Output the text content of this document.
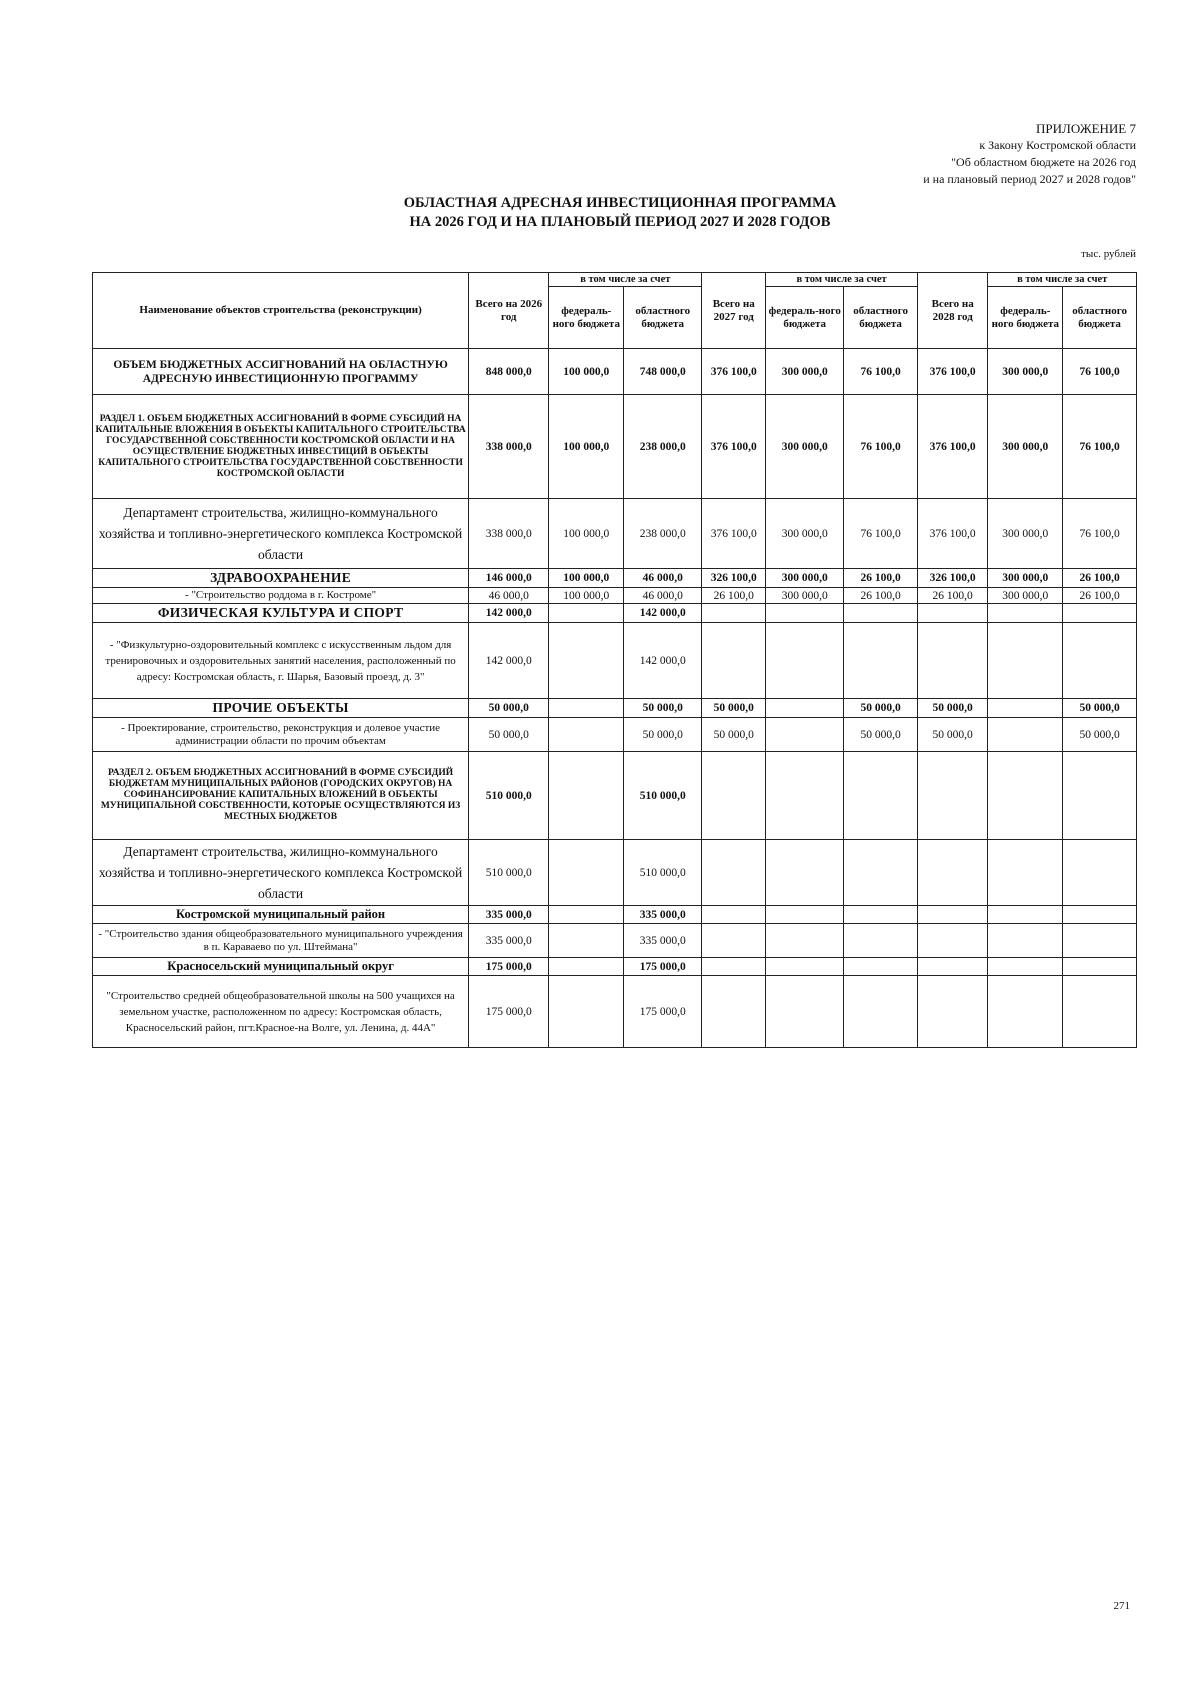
ПРИЛОЖЕНИЕ 7
к Закону Костромской области
"Об областном бюджете на 2026 год
и на плановый период 2027 и 2028 годов"
ОБЛАСТНАЯ АДРЕСНАЯ ИНВЕСТИЦИОННАЯ ПРОГРАММА
НА 2026 ГОД И НА ПЛАНОВЫЙ ПЕРИОД 2027 И 2028 ГОДОВ
тыс. рублей
Наименование объектов строительства (реконструкции)	Всего на 2026 год	в том числе за счет		Всего на 2027 год	в том числе за счет		Всего на 2028 год	в том числе за счет	
		федераль-ного бюджета	областного бюджета		федераль-ного бюджета	областного бюджета		федераль-ного бюджета	областного бюджета
ОБЪЕМ БЮДЖЕТНЫХ АССИГНОВАНИЙ НА ОБЛАСТНУЮ АДРЕСНУЮ ИНВЕСТИЦИОННУЮ ПРОГРАММУ	848 000,0	100 000,0	748 000,0	376 100,0	300 000,0	76 100,0	376 100,0	300 000,0	76 100,0
РАЗДЕЛ 1. ОБЪЕМ БЮДЖЕТНЫХ АССИГНОВАНИЙ В ФОРМЕ СУБСИДИЙ НА КАПИТАЛЬНЫЕ ВЛОЖЕНИЯ В ОБЪЕКТЫ КАПИТАЛЬНОГО СТРОИТЕЛЬСТВА ГОСУДАРСТВЕННОЙ СОБСТВЕННОСТИ КОСТРОМСКОЙ ОБЛАСТИ И НА ОСУЩЕСТВЛЕНИЕ БЮДЖЕТНЫХ ИНВЕСТИЦИЙ В ОБЪЕКТЫ КАПИТАЛЬНОГО СТРОИТЕЛЬСТВА ГОСУДАРСТВЕННОЙ СОБСТВЕННОСТИ КОСТРОМСКОЙ ОБЛАСТИ	338 000,0	100 000,0	238 000,0	376 100,0	300 000,0	76 100,0	376 100,0	300 000,0	76 100,0
Департамент строительства, жилищно-коммунального хозяйства и топливно-энергетического комплекса Костромской области	338 000,0	100 000,0	238 000,0	376 100,0	300 000,0	76 100,0	376 100,0	300 000,0	76 100,0
ЗДРАВООХРАНЕНИЕ	146 000,0	100 000,0	46 000,0	326 100,0	300 000,0	26 100,0	326 100,0	300 000,0	26 100,0
- "Строительство роддома в г. Костроме"	46 000,0	100 000,0	46 000,0	26 100,0	300 000,0	26 100,0	26 100,0	300 000,0	26 100,0
ФИЗИЧЕСКАЯ КУЛЬТУРА И СПОРТ	142 000,0		142 000,0						
- "Физкультурно-оздоровительный комплекс с искусственным льдом для тренировочных и оздоровительных занятий населения, расположенный по адресу: Костромская область, г. Шарья, Базовый проезд, д. 3"	142 000,0		142 000,0						
ПРОЧИЕ ОБЪЕКТЫ	50 000,0		50 000,0	50 000,0		50 000,0	50 000,0		50 000,0
- Проектирование, строительство, реконструкция и долевое участие администрации области по прочим объектам	50 000,0		50 000,0	50 000,0		50 000,0	50 000,0		50 000,0
РАЗДЕЛ 2. ОБЪЕМ БЮДЖЕТНЫХ АССИГНОВАНИЙ В ФОРМЕ СУБСИДИЙ БЮДЖЕТАМ МУНИЦИПАЛЬНЫХ РАЙОНОВ (ГОРОДСКИХ ОКРУГОВ) НА СОФИНАНСИРОВАНИЕ КАПИТАЛЬНЫХ ВЛОЖЕНИЙ В ОБЪЕКТЫ МУНИЦИПАЛЬНОЙ СОБСТВЕННОСТИ, КОТОРЫЕ ОСУЩЕСТВЛЯЮТСЯ ИЗ МЕСТНЫХ БЮДЖЕТОВ	510 000,0		510 000,0						
Департамент строительства, жилищно-коммунального хозяйства и топливно-энергетического комплекса Костромской области	510 000,0		510 000,0						
Костромской муниципальный район	335 000,0		335 000,0						
- "Строительство здания общеобразовательного муниципального учреждения в п. Караваево по ул. Штеймана"	335 000,0		335 000,0						
Красносельский муниципальный округ	175 000,0		175 000,0						
"Строительство средней общеобразовательной школы на 500 учащихся на земельном участке, расположенном по адресу: Костромская область, Красносельский район, пгт.Красное-на Волге, ул. Ленина, д. 44А"	175 000,0		175 000,0						
271
